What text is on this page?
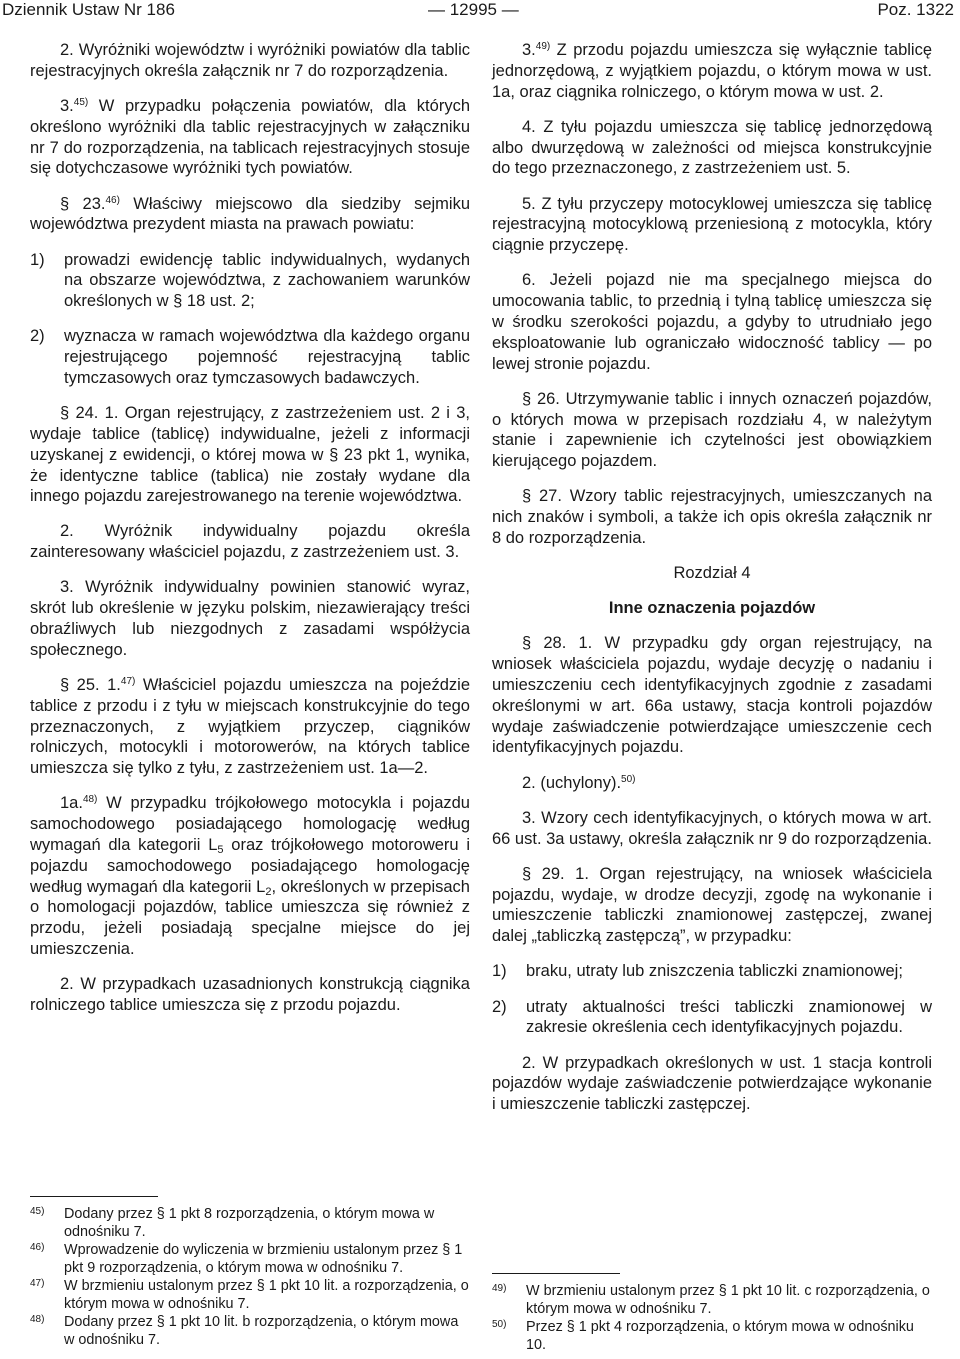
Dziennik Ustaw Nr 186	— 12995 —	Poz. 1322

2. Wyróżniki województw i wyróżniki powiatów dla tablic rejestracyjnych określa załącznik nr 7 do rozporządzenia.

3.$^{45)}$ W przypadku połączenia powiatów, dla których określono wyróżniki dla tablic rejestracyjnych w załączniku nr 7 do rozporządzenia, na tablicach rejestracyjnych stosuje się dotychczasowe wyróżniki tych powiatów.

§ 23.$^{46)}$ Właściwy miejscowo dla siedziby sejmiku województwa prezydent miasta na prawach powiatu:

1)	prowadzi ewidencję tablic indywidualnych, wydanych na obszarze województwa, z zachowaniem warunków określonych w § 18 ust. 2;
2)	wyznacza w ramach województwa dla każdego organu rejestrującego pojemność rejestracyjną tablic tymczasowych oraz tymczasowych badawczych.

§ 24. 1. Organ rejestrujący, z zastrzeżeniem ust. 2 i 3, wydaje tablice (tablicę) indywidualne, jeżeli z informacji uzyskanej z ewidencji, o której mowa w § 23 pkt 1, wynika, że identyczne tablice (tablica) nie zostały wydane dla innego pojazdu zarejestrowanego na terenie województwa.

2. Wyróżnik indywidualny pojazdu określa zainteresowany właściciel pojazdu, z zastrzeżeniem ust. 3.

3. Wyróżnik indywidualny powinien stanowić wyraz, skrót lub określenie w języku polskim, niezawierający treści obraźliwych lub niezgodnych z zasadami współżycia społecznego.

§ 25. 1.$^{47)}$ Właściciel pojazdu umieszcza na pojeździe tablice z przodu i z tyłu w miejscach konstrukcyjnie do tego przeznaczonych, z wyjątkiem przyczep, ciągników rolniczych, motocykli i motorowerów, na których tablice umieszcza się tylko z tyłu, z zastrzeżeniem ust. 1a—2.

1a.$^{48)}$ W przypadku trójkołowego motocykla i pojazdu samochodowego posiadającego homologację według wymagań dla kategorii $L_5$ oraz trójkołowego motoroweru i pojazdu samochodowego posiadającego homologację według wymagań dla kategorii $L_2$, określonych w przepisach o homologacji pojazdów, tablice umieszcza się również z przodu, jeżeli posiadają specjalne miejsce do jej umieszczenia.

2. W przypadkach uzasadnionych konstrukcją ciągnika rolniczego tablice umieszcza się z przodu pojazdu.

$^{45)}$	Dodany przez § 1 pkt 8 rozporządzenia, o którym mowa w odnośniku 7.
$^{46)}$	Wprowadzenie do wyliczenia w brzmieniu ustalonym przez § 1 pkt 9 rozporządzenia, o którym mowa w odnośniku 7.
$^{47)}$	W brzmieniu ustalonym przez § 1 pkt 10 lit. a rozporządzenia, o którym mowa w odnośniku 7.
$^{48)}$	Dodany przez § 1 pkt 10 lit. b rozporządzenia, o którym mowa w odnośniku 7.

3.$^{49)}$ Z przodu pojazdu umieszcza się wyłącznie tablicę jednorzędową, z wyjątkiem pojazdu, o którym mowa w ust. 1a, oraz ciągnika rolniczego, o którym mowa w ust. 2.

4. Z tyłu pojazdu umieszcza się tablicę jednorzędową albo dwurzędową w zależności od miejsca konstrukcyjnie do tego przeznaczonego, z zastrzeżeniem ust. 5.

5. Z tyłu przyczepy motocyklowej umieszcza się tablicę rejestracyjną motocyklową przeniesioną z motocykla, który ciągnie przyczepę.

6. Jeżeli pojazd nie ma specjalnego miejsca do umocowania tablic, to przednią i tylną tablicę umieszcza się w środku szerokości pojazdu, a gdyby to utrudniało jego eksploatowanie lub ograniczało widoczność tablicy — po lewej stronie pojazdu.

§ 26. Utrzymywanie tablic i innych oznaczeń pojazdów, o których mowa w przepisach rozdziału 4, w należytym stanie i zapewnienie ich czytelności jest obowiązkiem kierującego pojazdem.

§ 27. Wzory tablic rejestracyjnych, umieszczanych na nich znaków i symboli, a także ich opis określa załącznik nr 8 do rozporządzenia.

Rozdział 4

Inne oznaczenia pojazdów

§ 28. 1. W przypadku gdy organ rejestrujący, na wniosek właściciela pojazdu, wydaje decyzję o nadaniu i umieszczeniu cech identyfikacyjnych zgodnie z zasadami określonymi w art. 66a ustawy, stacja kontroli pojazdów wydaje zaświadczenie potwierdzające umieszczenie cech identyfikacyjnych pojazdu.

2. (uchylony).$^{50)}$

3. Wzory cech identyfikacyjnych, o których mowa w art. 66 ust. 3a ustawy, określa załącznik nr 9 do rozporządzenia.

§ 29. 1. Organ rejestrujący, na wniosek właściciela pojazdu, wydaje, w drodze decyzji, zgodę na wykonanie i umieszczenie tabliczki znamionowej zastępczej, zwanej dalej „tabliczką zastępczą”, w przypadku:

1)	braku, utraty lub zniszczenia tabliczki znamionowej;
2)	utraty aktualności treści tabliczki znamionowej w zakresie określenia cech identyfikacyjnych pojazdu.

2. W przypadkach określonych w ust. 1 stacja kontroli pojazdów wydaje zaświadczenie potwierdzające wykonanie i umieszczenie tabliczki zastępczej.

$^{49)}$	W brzmieniu ustalonym przez § 1 pkt 10 lit. c rozporządzenia, o którym mowa w odnośniku 7.
$^{50)}$	Przez § 1 pkt 4 rozporządzenia, o którym mowa w odnośniku 10.
